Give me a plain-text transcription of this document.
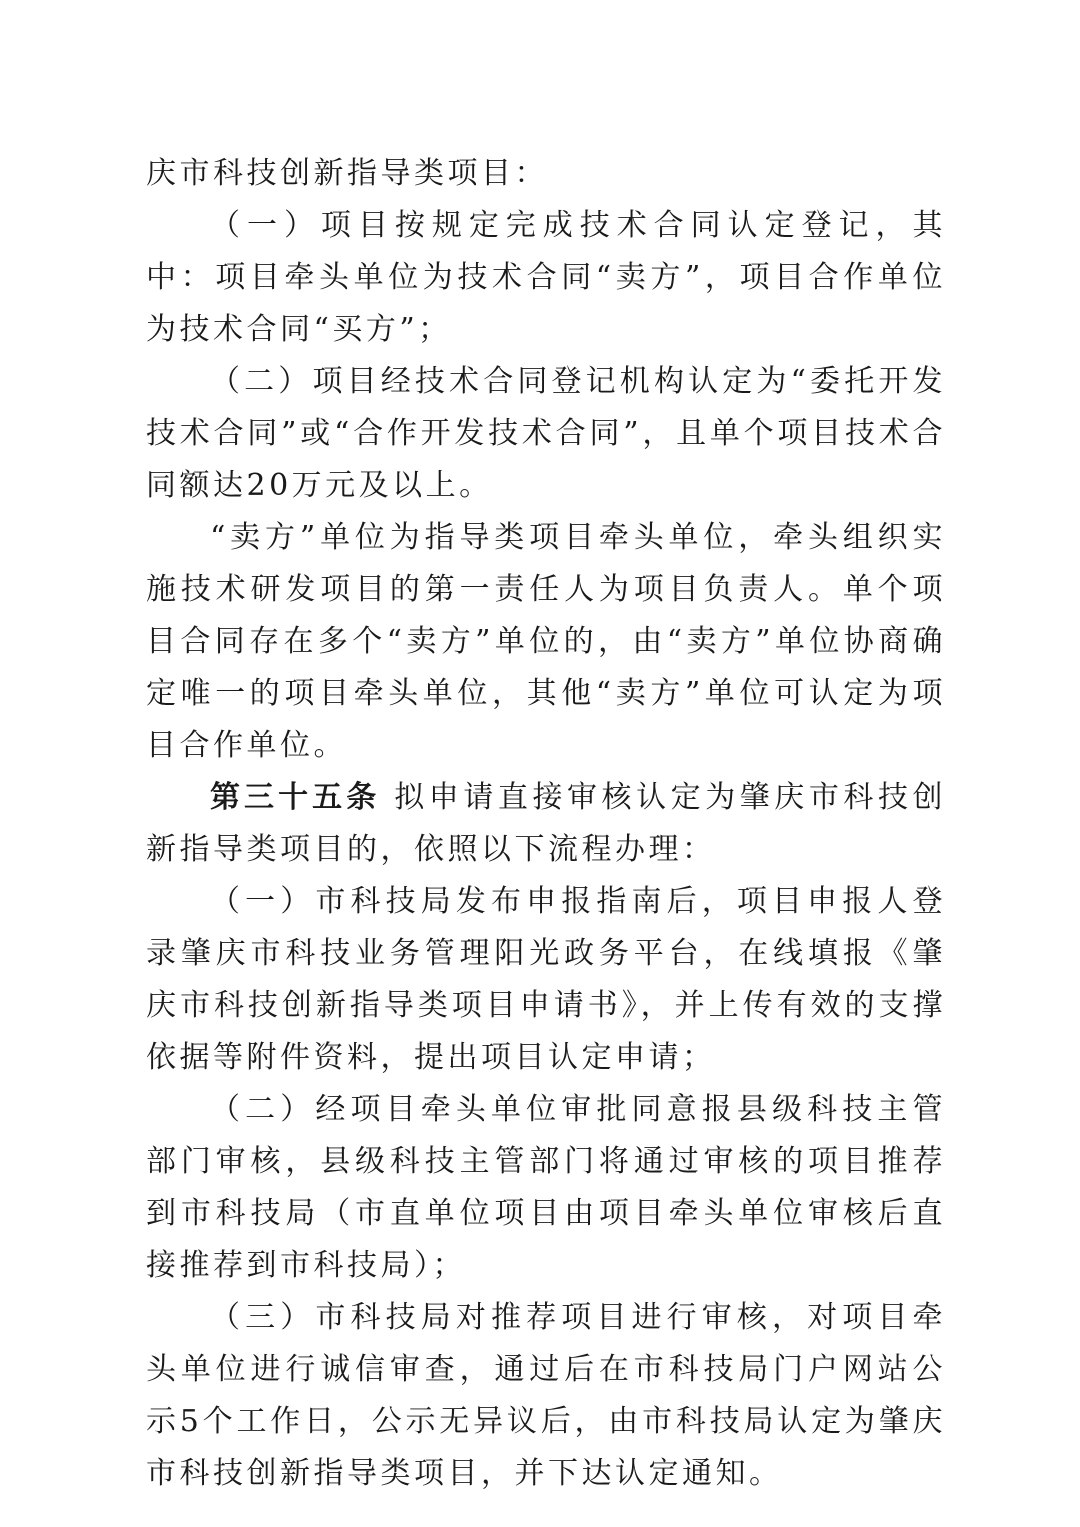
庆市科技创新指导类项目：

（一）项目按规定完成技术合同认定登记，其中：项目牵头单位为技术合同“卖方”，项目合作单位为技术合同“买方”；

（二）项目经技术合同登记机构认定为“委托开发技术合同”或“合作开发技术合同”，且单个项目技术合同额达20万元及以上。

“卖方”单位为指导类项目牵头单位，牵头组织实施技术研发项目的第一责任人为项目负责人。单个项目合同存在多个“卖方”单位的，由“卖方”单位协商确定唯一的项目牵头单位，其他“卖方”单位可认定为项目合作单位。

第三十五条 拟申请直接审核认定为肇庆市科技创新指导类项目的，依照以下流程办理：

（一）市科技局发布申报指南后，项目申报人登录肇庆市科技业务管理阳光政务平台，在线填报《肇庆市科技创新指导类项目申请书》，并上传有效的支撑依据等附件资料，提出项目认定申请；

（二）经项目牵头单位审批同意报县级科技主管部门审核，县级科技主管部门将通过审核的项目推荐到市科技局（市直单位项目由项目牵头单位审核后直接推荐到市科技局）；

（三）市科技局对推荐项目进行审核，对项目牵头单位进行诚信审查，通过后在市科技局门户网站公示5个工作日，公示无异议后，由市科技局认定为肇庆市科技创新指导类项目，并下达认定通知。
